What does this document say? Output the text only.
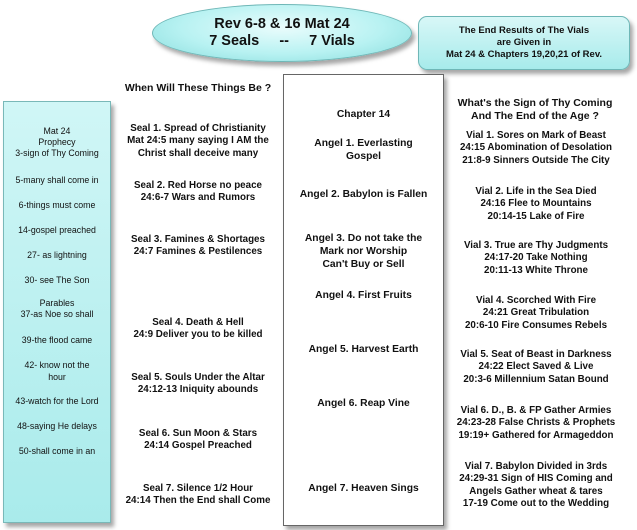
Rev 6-8 & 16 Mat 24
7 Seals     --     7 Vials
The End Results of The Vials
are Given in
Mat 24 & Chapters 19,20,21 of Rev.
When Will These Things Be ?
What's the Sign of Thy Coming
And The End of the Age ?
Mat 24
Prophecy
3-sign of Thy Coming
5-many shall come in
6-things must come
14-gospel preached
27- as lightning
30- see The Son
Parables
37-as Noe so shall
39-the flood came
42- know not the
hour
43-watch for the Lord
48-saying He delays
50-shall come in an
Chapter 14
Angel 1. Everlasting
Gospel
Angel 2. Babylon is Fallen
Angel 3. Do not take the
Mark nor Worship
Can't Buy or Sell
Angel 4. First Fruits
Angel 5. Harvest Earth
Angel 6. Reap Vine
Angel 7. Heaven Sings
Seal 1. Spread of Christianity
Mat 24:5 many saying I AM the
Christ shall deceive many
Seal 2. Red Horse no peace
24:6-7 Wars and Rumors
Seal 3. Famines & Shortages
24:7 Famines & Pestilences
Seal 4. Death & Hell
24:9 Deliver you to be killed
Seal 5. Souls Under the Altar
24:12-13 Iniquity abounds
Seal 6. Sun Moon & Stars
24:14 Gospel Preached
Seal 7. Silence 1/2 Hour
24:14 Then the End shall Come
Vial 1. Sores on Mark of Beast
24:15 Abomination of Desolation
21:8-9 Sinners Outside The City
Vial 2. Life in the Sea Died
24:16 Flee to Mountains
20:14-15 Lake of Fire
Vial 3. True are Thy Judgments
24:17-20 Take Nothing
20:11-13 White Throne
Vial 4. Scorched With Fire
24:21 Great Tribulation
20:6-10 Fire Consumes Rebels
Vial 5. Seat of Beast in Darkness
24:22 Elect Saved & Live
20:3-6 Millennium Satan Bound
Vial 6. D., B. & FP Gather Armies
24:23-28 False Christs & Prophets
19:19+ Gathered for Armageddon
Vial 7. Babylon Divided in 3rds
24:29-31 Sign of HIS Coming and
Angels Gather wheat & tares
17-19 Come out to the Wedding
